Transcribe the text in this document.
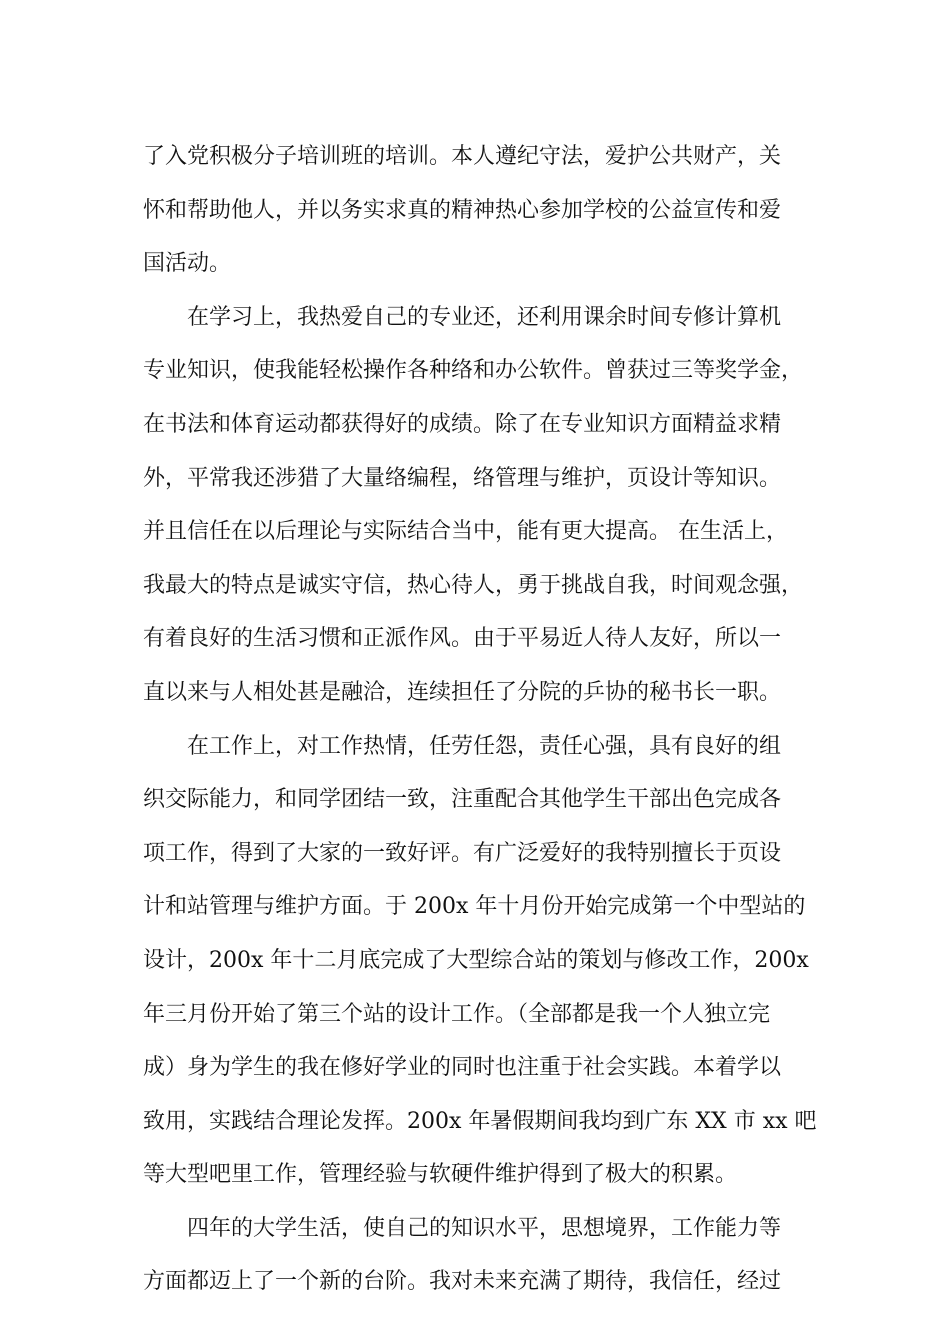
了入党积极分子培训班的培训。本人遵纪守法，爱护公共财产，关
怀和帮助他人，并以务实求真的精神热心参加学校的公益宣传和爱
国活动。
在学习上，我热爱自己的专业还，还利用课余时间专修计算机
专业知识，使我能轻松操作各种络和办公软件。曾获过三等奖学金，
在书法和体育运动都获得好的成绩。除了在专业知识方面精益求精
外，平常我还涉猎了大量络编程，络管理与维护，页设计等知识。
并且信任在以后理论与实际结合当中，能有更大提高。 在生活上，
我最大的特点是诚实守信，热心待人，勇于挑战自我，时间观念强，
有着良好的生活习惯和正派作风。由于平易近人待人友好，所以一
直以来与人相处甚是融洽，连续担任了分院的乒协的秘书长一职。
在工作上，对工作热情，任劳任怨，责任心强，具有良好的组
织交际能力，和同学团结一致，注重配合其他学生干部出色完成各
项工作，得到了大家的一致好评。有广泛爱好的我特别擅长于页设
计和站管理与维护方面。于 200x 年十月份开始完成第一个中型站的
设计，200x 年十二月底完成了大型综合站的策划与修改工作，200x
年三月份开始了第三个站的设计工作。（全部都是我一个人独立完
成）身为学生的我在修好学业的同时也注重于社会实践。本着学以
致用，实践结合理论发挥。200x 年暑假期间我均到广东 XX 市 xx 吧
等大型吧里工作，管理经验与软硬件维护得到了极大的积累。
四年的大学生活，使自己的知识水平，思想境界，工作能力等
方面都迈上了一个新的台阶。我对未来充满了期待，我信任，经过
